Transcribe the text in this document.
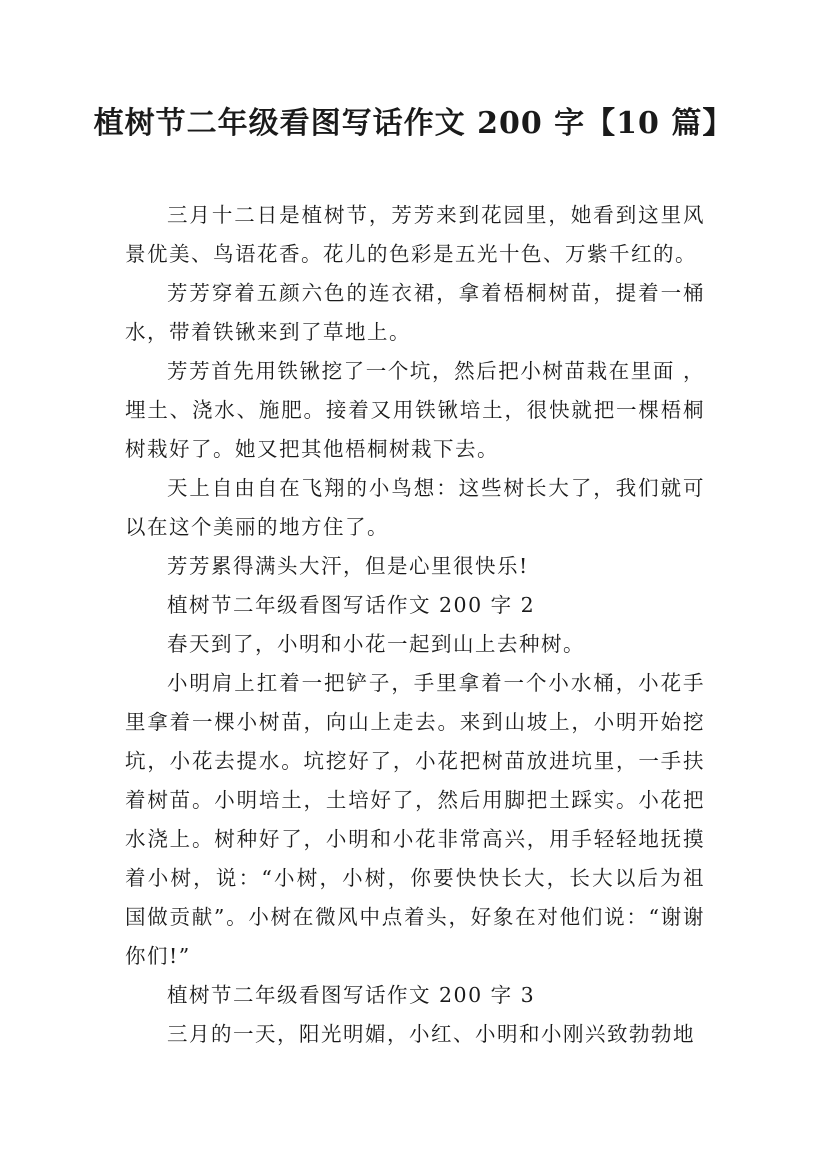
植树节二年级看图写话作文 200 字【10 篇】

三月十二日是植树节，芳芳来到花园里，她看到这里风景优美、鸟语花香。花儿的色彩是五光十色、万紫千红的。

芳芳穿着五颜六色的连衣裙，拿着梧桐树苗，提着一桶水，带着铁锹来到了草地上。

芳芳首先用铁锹挖了一个坑，然后把小树苗栽在里面 ，埋土、浇水、施肥。接着又用铁锹培土，很快就把一棵梧桐树栽好了。她又把其他梧桐树栽下去。

天上自由自在飞翔的小鸟想：这些树长大了，我们就可以在这个美丽的地方住了。

芳芳累得满头大汗，但是心里很快乐!

植树节二年级看图写话作文 200 字 2

春天到了，小明和小花一起到山上去种树。

小明肩上扛着一把铲子，手里拿着一个小水桶，小花手里拿着一棵小树苗，向山上走去。来到山坡上，小明开始挖坑，小花去提水。坑挖好了，小花把树苗放进坑里，一手扶着树苗。小明培土，土培好了，然后用脚把土踩实。小花把水浇上。树种好了，小明和小花非常高兴，用手轻轻地抚摸着小树，说：“小树，小树，你要快快长大，长大以后为祖国做贡献”。小树在微风中点着头，好象在对他们说：“谢谢你们!”

植树节二年级看图写话作文 200 字 3

三月的一天，阳光明媚，小红、小明和小刚兴致勃勃地
